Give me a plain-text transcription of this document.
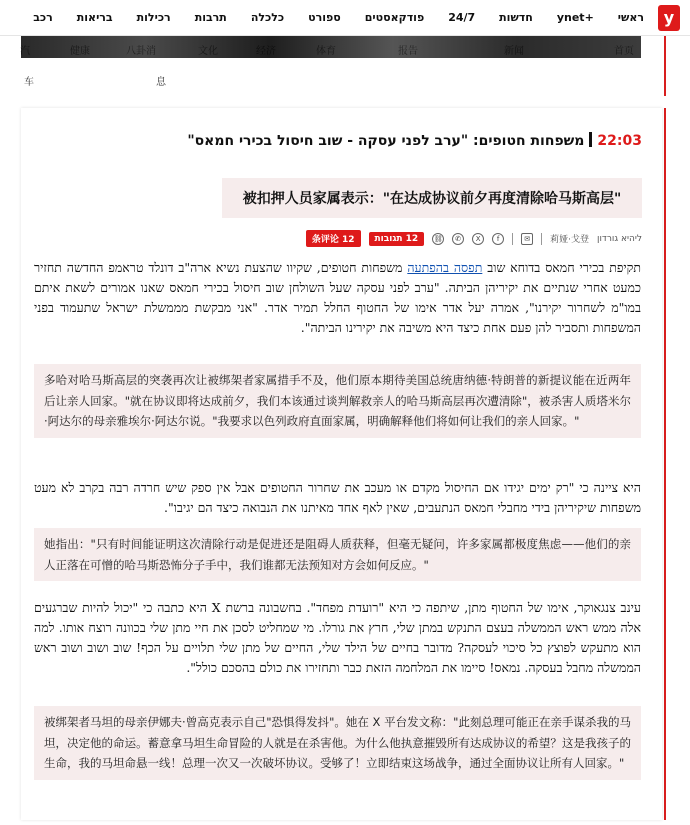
y
ראשי
+ynet
חדשות
24/7
פודקאסטים
ספורט
כלכלה
תרבות
רכילות
בריאות
רכב
首页
新闻
报告
体育
经济
文化
八卦消
健康
汽
车	息
22:03משפחות חטופים: "ערב לפני עסקה - שוב חיסול בכירי חמאס"
被扣押人员家属表示："在达成协议前夕再度清除哈马斯高层"
ליהיא גורדון
莉娅·戈登
✉
f
X
✆
⛓
12 תגובות
12 条评论

תקיפת בכירי חמאס בדוחא שוב תפסה בהפתעה משפחות חטופים, שקיוו שהצעת נשיא ארה"ב דונלד טראמפ החדשה תחזיר כמעט אחרי שנתיים את יקיריהן הביתה. "ערב לפני עסקה שעל השולחן שוב חיסול בכירי חמאס שאנו אמורים לשאת איתם במו"מ לשחרור יקירנו", אמרה יעל אדר אימו של החטוף החלל תמיר אדר. "אני מבקשת מממשלת ישראל שתעמוד בפני המשפחות ותסביר להן פעם אחת כיצד היא משיבה את יקירינו הביתה".

多哈对哈马斯高层的突袭再次让被绑架者家属措手不及，他们原本期待美国总统唐纳德·特朗普的新提议能在近两年后让亲人回家。"就在协议即将达成前夕，我们本该通过谈判解救亲人的哈马斯高层再次遭清除"，被杀害人质塔米尔·阿达尔的母亲雅埃尔·阿达尔说。"我要求以色列政府直面家属，明确解释他们将如何让我们的亲人回家。"

היא ציינה כי "רק ימים יגידו אם החיסול מקדם או מעכב את שחרור החטופים אבל אין ספק שיש חרדה רבה בקרב לא מעט משפחות שיקיריהן בידי מחבלי חמאס הנתעבים, שאין לאף אחד מאיתנו את הנבואה כיצד הם יגיבו".

她指出："只有时间能证明这次清除行动是促进还是阻碍人质获释，但毫无疑问，许多家属都极度焦虑——他们的亲人正落在可憎的哈马斯恐怖分子手中，我们谁都无法预知对方会如何反应。"

עינב צנגאוקר, אימו של החטוף מתן, שיתפה כי היא "רועדת מפחד". בחשבונה ברשת X היא כתבה כי "יכול להיות שברגעים אלה ממש ראש הממשלה בעצם התנקש במתן שלי, חרץ את גורלו. מי שמחליט לסכן את חיי מתן שלי בכוונה רוצח אותו. למה הוא מתעקש לפוצץ כל סיכוי לעסקה? מדובר בחיים של הילד שלי, החיים של מתן שלי תלויים על הכף! שוב ושוב ושוב ראש הממשלה מחבל בעסקה. נמאס! סיימו את המלחמה הזאת כבר ותחזירו את כולם בהסכם כולל".

被绑架者马坦的母亲伊娜夫·曾高克表示自己"恐惧得发抖"。她在 X 平台发文称："此刻总理可能正在亲手谋杀我的马坦，决定他的命运。蓄意拿马坦生命冒险的人就是在杀害他。为什么他执意摧毁所有达成协议的希望？这是我孩子的生命，我的马坦命悬一线！总理一次又一次破坏协议。受够了！立即结束这场战争，通过全面协议让所有人回家。"
